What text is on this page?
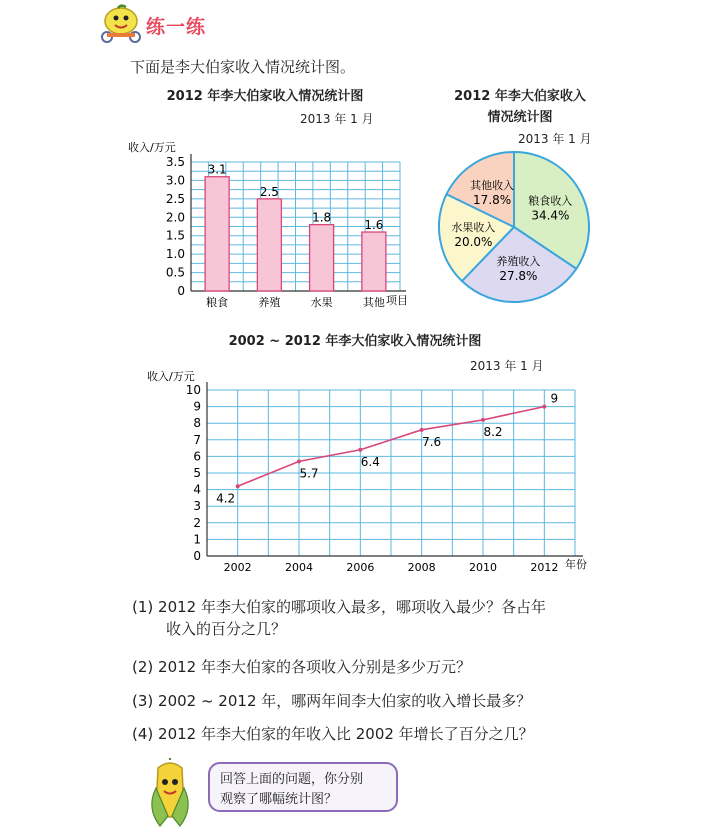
练一练
下面是李大伯家收入情况统计图。
2012 年李大伯家收入情况统计图
2013 年 1 月
收入/万元
项目
0
0.5
1.0
1.5
2.0
2.5
3.0
3.5
3.1
粮食
2.5
养殖
1.8
水果
1.6
其他
2012 年李大伯家收入
情况统计图
2013 年 1 月
粮食收入
34.4%
养殖收入
27.8%
水果收入
20.0%
其他收入
17.8%
2002 ~ 2012 年李大伯家收入情况统计图
2013 年 1 月
收入/万元
年份
0
1
2
3
4
5
6
7
8
9
10
2002	2004	2006	2008	2010	2012
4.2
5.7
6.4
7.6
8.2
9
(1) 2012 年李大伯家的哪项收入最多，哪项收入最少？各占年
收入的百分之几？
(2) 2012 年李大伯家的各项收入分别是多少万元？
(3) 2002 ~ 2012 年，哪两年间李大伯家的收入增长最多？
(4) 2012 年李大伯家的年收入比 2002 年增长了百分之几？
回答上面的问题，你分别
观察了哪幅统计图？
